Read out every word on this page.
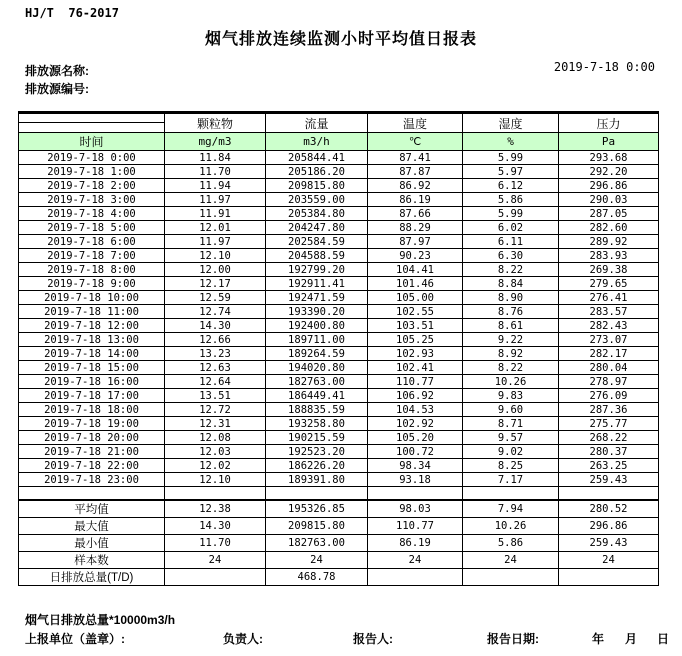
HJ/T  76-2017
烟气排放连续监测小时平均值日报表
排放源名称:
排放源编号:
2019-7-18 0:00
	颗粒物	流量	温度	湿度	压力

时间	mg/m3	m3/h	℃	%	Pa
2019-7-18 0:00	11.84	205844.41	87.41	5.99	293.68
2019-7-18 1:00	11.70	205186.20	87.87	5.97	292.20
2019-7-18 2:00	11.94	209815.80	86.92	6.12	296.86
2019-7-18 3:00	11.97	203559.00	86.19	5.86	290.03
2019-7-18 4:00	11.91	205384.80	87.66	5.99	287.05
2019-7-18 5:00	12.01	204247.80	88.29	6.02	282.60
2019-7-18 6:00	11.97	202584.59	87.97	6.11	289.92
2019-7-18 7:00	12.10	204588.59	90.23	6.30	283.93
2019-7-18 8:00	12.00	192799.20	104.41	8.22	269.38
2019-7-18 9:00	12.17	192911.41	101.46	8.84	279.65
2019-7-18 10:00	12.59	192471.59	105.00	8.90	276.41
2019-7-18 11:00	12.74	193390.20	102.55	8.76	283.57
2019-7-18 12:00	14.30	192400.80	103.51	8.61	282.43
2019-7-18 13:00	12.66	189711.00	105.25	9.22	273.07
2019-7-18 14:00	13.23	189264.59	102.93	8.92	282.17
2019-7-18 15:00	12.63	194020.80	102.41	8.22	280.04
2019-7-18 16:00	12.64	182763.00	110.77	10.26	278.97
2019-7-18 17:00	13.51	186449.41	106.92	9.83	276.09
2019-7-18 18:00	12.72	188835.59	104.53	9.60	287.36
2019-7-18 19:00	12.31	193258.80	102.92	8.71	275.77
2019-7-18 20:00	12.08	190215.59	105.20	9.57	268.22
2019-7-18 21:00	12.03	192523.20	100.72	9.02	280.37
2019-7-18 22:00	12.02	186226.20	98.34	8.25	263.25
2019-7-18 23:00	12.10	189391.80	93.18	7.17	259.43

平均值	12.38	195326.85	98.03	7.94	280.52
最大值	14.30	209815.80	110.77	10.26	296.86
最小值	11.70	182763.00	86.19	5.86	259.43
样本数	24	24	24	24	24
日排放总量(T/D)		468.78			
烟气日排放总量*10000m3/h
上报单位（盖章）:	负责人:	报告人:	报告日期:	年 月 日
